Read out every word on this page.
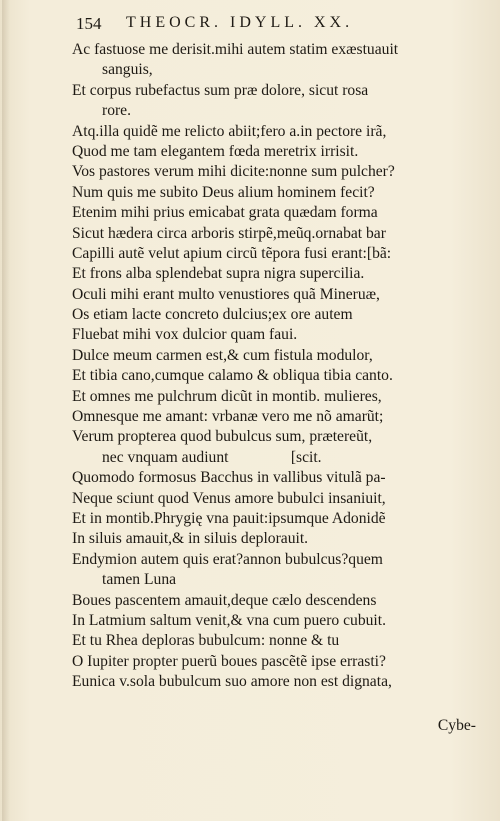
154 THEOCR. IDYLL. XX.
Ac fastuose me derisit.mihi autem statim exæstuauit
sanguis,
Et corpus rubefactus sum præ dolore, sicut rosa
rore.
Atq.illa quidẽ me relicto abiit;fero a.in pectore irã,
Quod me tam elegantem fœda meretrix irrisit.
Vos pastores verum mihi dicite:nonne sum pulcher?
Num quis me subito Deus alium hominem fecit?
Etenim mihi prius emicabat grata quædam forma
Sicut hædera circa arboris stirpẽ,meũq.ornabat bar
Capilli autẽ velut apium circũ tẽpora fusi erant:[bã:
Et frons alba splendebat supra nigra supercilia.
Oculi mihi erant multo venustiores quã Mineruæ,
Os etiam lacte concreto dulcius;ex ore autem
Fluebat mihi vox dulcior quam faui.
Dulce meum carmen est,& cum fistula modulor,
Et tibia cano,cumque calamo & obliqua tibia canto.
Et omnes me pulchrum dicũt in montib. mulieres,
Omnesque me amant: vrbanæ vero me nõ amarũt;
Verum propterea quod bubulcus sum, prætereũt,
nec vnquam audiunt                [scit.
Quomodo formosus Bacchus in vallibus vitulã pa-
Neque sciunt quod Venus amore bubulci insaniuit,
Et in montib.Phrygię vna pauit:ipsumque Adonidẽ
In siluis amauit,& in siluis deplorauit.
Endymion autem quis erat?annon bubulcus?quem
tamen Luna
Boues pascentem amauit,deque cælo descendens
In Latmium saltum venit,& vna cum puero cubuit.
Et tu Rhea deploras bubulcum: nonne & tu
O Iupiter propter puerũ boues pascẽtẽ ipse errasti?
Eunica v.sola bubulcum suo amore non est dignata,
Cybe-
